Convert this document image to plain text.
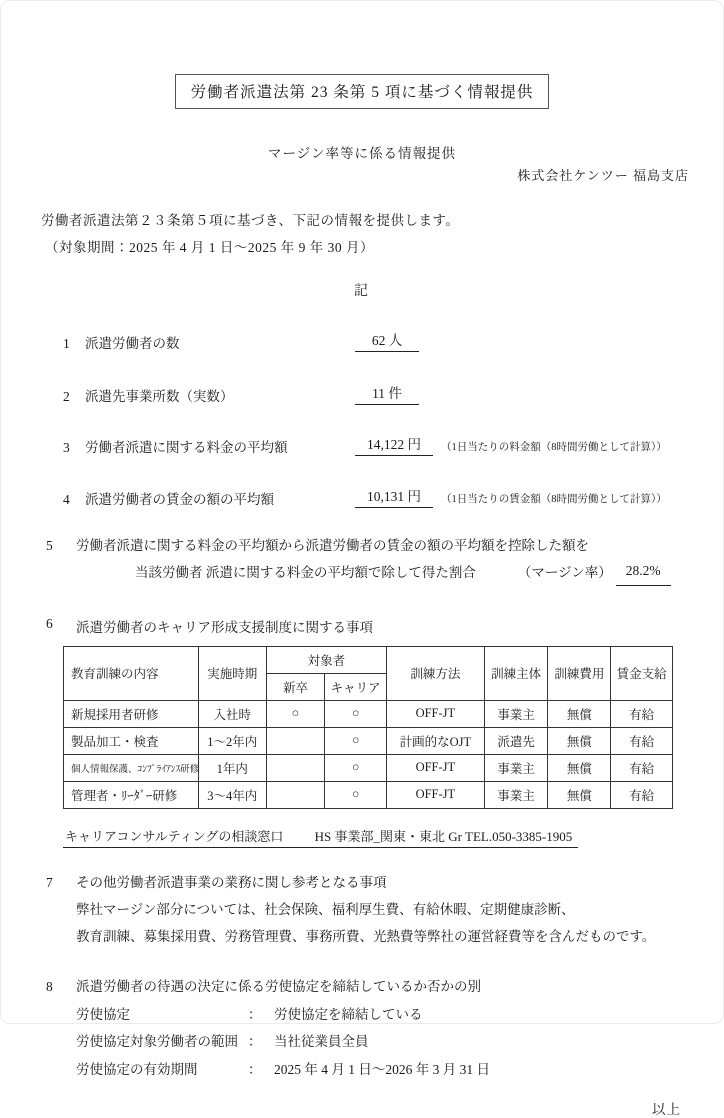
労働者派遣法第 23 条第 5 項に基づく情報提供
マージン率等に係る情報提供
株式会社ケンツー 福島支店
労働者派遣法第２３条第５項に基づき、下記の情報を提供します。
（対象期間：2025 年 4 月 1 日～2025 年 9 年 30 月）
記
1	派遣労働者の数	62 人
2	派遣先事業所数（実数）	11 件
3	労働者派遣に関する料金の平均額	14,122 円	（1日当たりの料金額（8時間労働として計算））
4	派遣労働者の賃金の額の平均額	10,131 円	（1日当たりの賃金額（8時間労働として計算））
5	労働者派遣に関する料金の平均額から派遣労働者の賃金の額の平均額を控除した額を
当該労働者 派遣に関する料金の平均額で除して得た割合	（マージン率）	28.2%
6	派遣労働者のキャリア形成支援制度に関する事項
教育訓練の内容	実施時期	対象者		訓練方法	訓練主体	訓練費用	賃金支給
		新卒	キャリア				
新規採用者研修	入社時	○	○	OFF-JT	事業主	無償	有給
製品加工・検査	1～2年内		○	計画的なOJT	派遣先	無償	有給
個人情報保護、ｺﾝﾌﾟﾗｲｱﾝｽ研修	1年内		○	OFF-JT	事業主	無償	有給
管理者・ﾘｰﾀﾞｰ研修	3～4年内		○	OFF-JT	事業主	無償	有給
キャリアコンサルティングの相談窓口 HS 事業部_関東・東北 Gr TEL.050-3385-1905
7	その他労働者派遣事業の業務に関し参考となる事項
弊社マージン部分については、社会保険、福利厚生費、有給休暇、定期健康診断、
教育訓練、募集採用費、労務管理費、事務所費、光熱費等弊社の運営経費等を含んだものです。
8	派遣労働者の待遇の決定に係る労使協定を締結しているか否かの別
労使協定	： 労使協定を締結している
労使協定対象労働者の範囲 ： 当社従業員全員
労使協定の有効期間	： 2025 年 4 月 1 日～2026 年 3 月 31 日
以上
